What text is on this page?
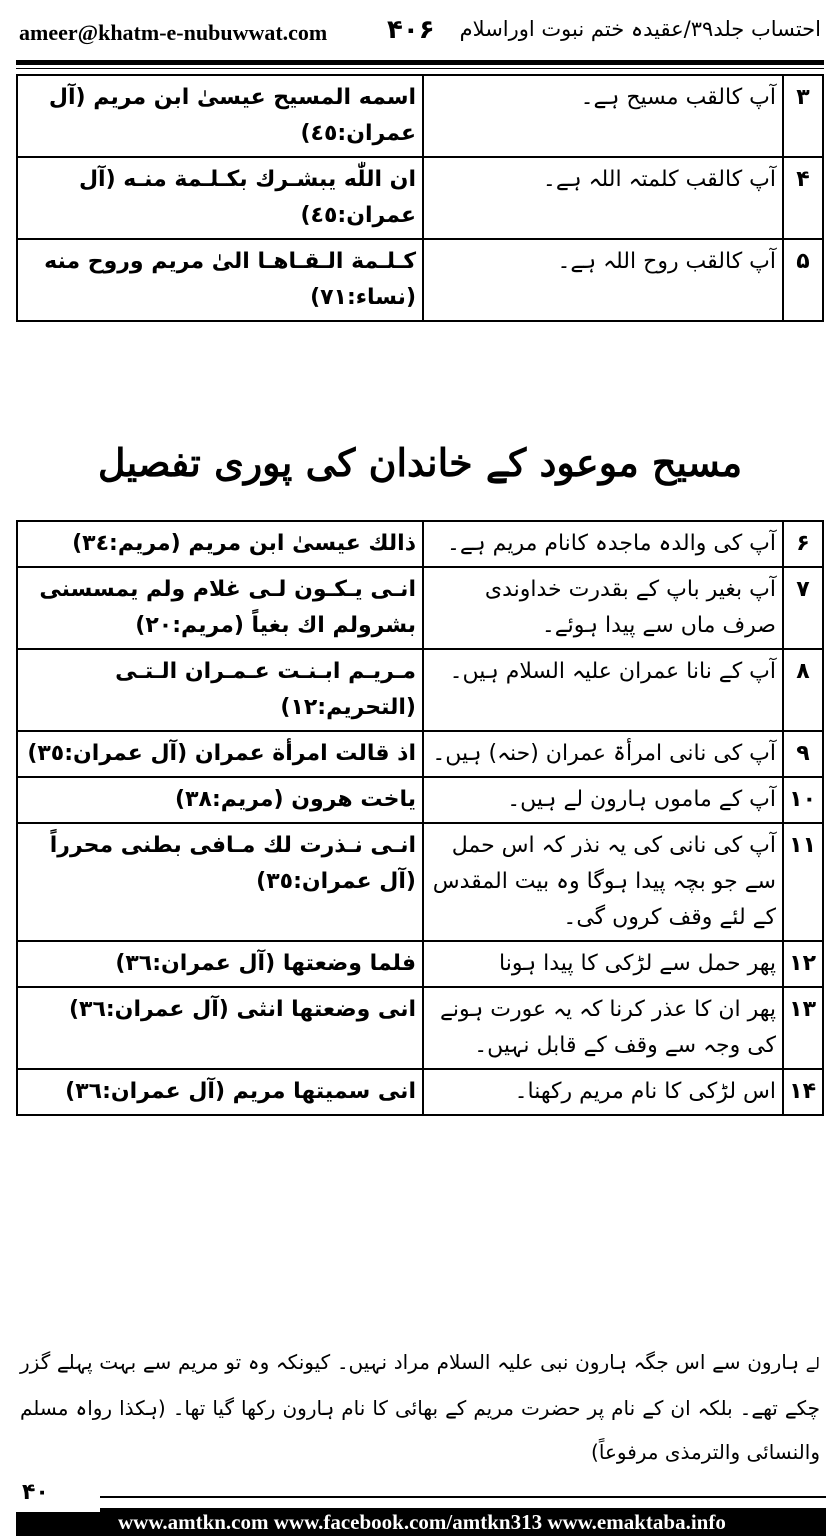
ameer@khatm-e-nubuwwat.com ۴۰۶ احتساب جلد۳۹/عقیدہ ختم نبوت اوراسلام
۳	آپ کالقب مسیح ہے۔	اسمه المسیح عیسیٰ ابن مریم (آل عمران:٤٥)
۴	آپ کالقب کلمتہ اللہ ہے۔	ان اللّٰه یبشـرك بکـلـمة منـه (آل عمران:٤٥)
۵	آپ کالقب روح اللہ ہے۔	کـلـمة الـقـاهـا الیٰ مریم وروح منه (نساء:٧١)
مسیح موعود کے خاندان کی پوری تفصیل
۶	آپ کی والدہ ماجدہ کانام مریم ہے۔	ذالك عیسیٰ ابن مریم (مریم:٣٤)
۷	آپ بغیر باپ کے بقدرت خداوندی صرف ماں سے پیدا ہوئے۔	انـی یـکـون لـی غلام ولم یمسسنی بشرولم اك بغیاً (مریم:٢٠)
۸	آپ کے نانا عمران علیہ السلام ہیں۔	مـریـم ابـنـت عـمـران الـتـی (التحریم:١٢)
۹	آپ کی نانی امرأۃ عمران (حنہ) ہیں۔	اذ قالت امرأة عمران (آل عمران:٣٥)
۱۰	آپ کے ماموں ہارون لے ہیں۔	یاخت هرون (مریم:٣٨)
۱۱	آپ کی نانی کی یہ نذر کہ اس حمل سے جو بچہ پیدا ہوگا وہ بیت المقدس کے لئے وقف کروں گی۔	انـی نـذرت لك مـافی بطنی محرراً (آل عمران:٣٥)
۱۲	پھر حمل سے لڑکی کا پیدا ہونا	فلما وضعتها (آل عمران:٣٦)
۱۳	پھر ان کا عذر کرنا کہ یہ عورت ہونے کی وجہ سے وقف کے قابل نہیں۔	انی وضعتها انثی (آل عمران:٣٦)
۱۴	اس لڑکی کا نام مریم رکھنا۔	انی سمیتها مریم (آل عمران:٣٦)
لے ہارون سے اس جگہ ہارون نبی علیہ السلام مراد نہیں۔ کیونکہ وہ تو مریم سے بہت پہلے گزر چکے تھے۔ بلکہ ان کے نام پر حضرت مریم کے بھائی کا نام ہارون رکھا گیا تھا۔ (ہکذا رواہ مسلم والنسائی والترمذی مرفوعاً)
۴۰
www.amtkn.com www.facebook.com/amtkn313 www.emaktaba.info
